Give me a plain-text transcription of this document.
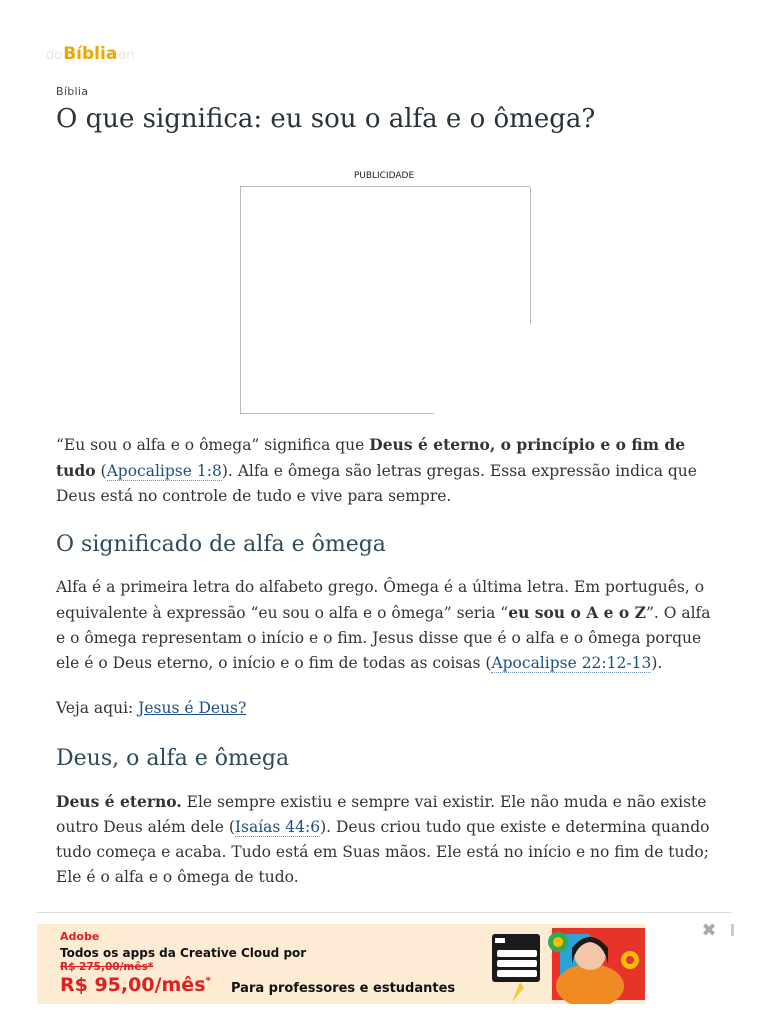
do Bíblia on
Bíblia
O que significa: eu sou o alfa e o ômega?
PUBLICIDADE

“Eu sou o alfa e o ômega” significa que Deus é eterno, o princípio e o fim de tudo (Apocalipse 1:8). Alfa e ômega são letras gregas. Essa expressão indica que Deus está no controle de tudo e vive para sempre.

O significado de alfa e ômega

Alfa é a primeira letra do alfabeto grego. Ômega é a última letra. Em português, o equivalente à expressão “eu sou o alfa e o ômega” seria “eu sou o A e o Z”. O alfa e o ômega representam o início e o fim. Jesus disse que é o alfa e o ômega porque ele é o Deus eterno, o início e o fim de todas as coisas (Apocalipse 22:12-13).

Veja aqui: Jesus é Deus?

Deus, o alfa e ômega

Deus é eterno. Ele sempre existiu e sempre vai existir. Ele não muda e não existe outro Deus além dele (Isaías 44:6). Deus criou tudo que existe e determina quando tudo começa e acaba. Tudo está em Suas mãos. Ele está no início e no fim de tudo; Ele é o alfa e o ômega de tudo.

Adobe
Todos os apps da Creative Cloud por
R$ 275,00/mês*
R$ 95,00/mês* Para professores e estudantes
✖
